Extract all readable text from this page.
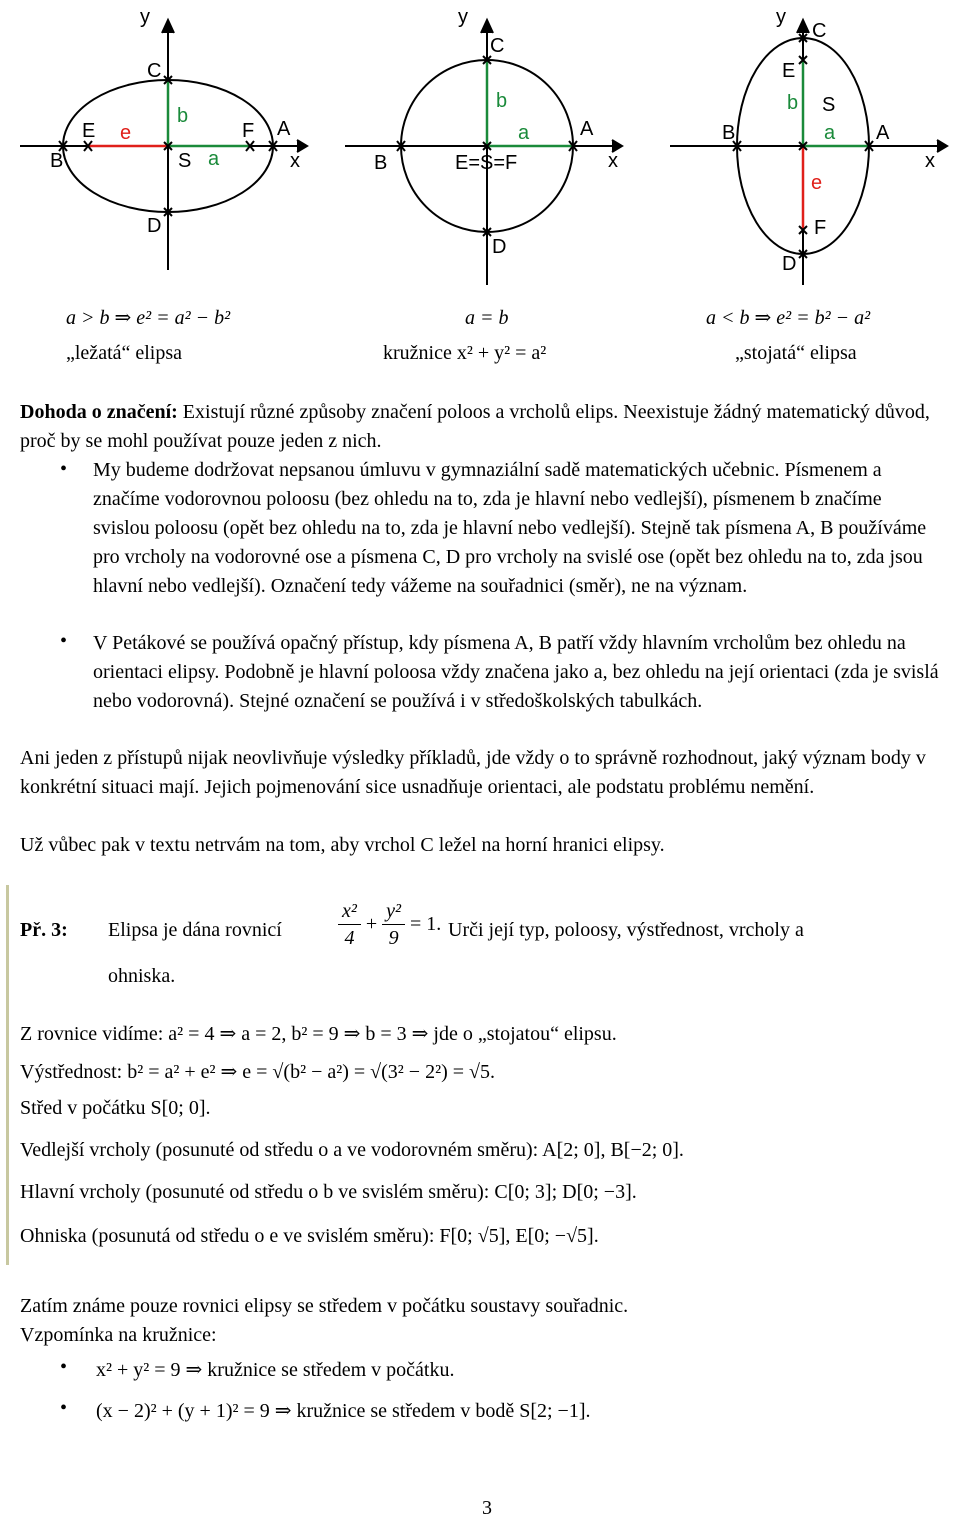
y
C
E e
b
F A
B	S a	x
D
y
C
b
a	A
B	E=S=F	x
D
y
C
E
b S
B	a A
x
e
F
D
a > b ⇒ e² = a² − b²
„ležatá“ elipsa
a = b
kružnice x² + y² = a²
a < b ⇒ e² = b² − a²
„stojatá“ elipsa
Dohoda o značení: Existují různé způsoby značení poloos a vrcholů elips. Neexistuje žádný matematický důvod, proč by se mohl používat pouze jeden z nich.
• My budeme dodržovat nepsanou úmluvu v gymnaziální sadě matematických učebnic. Písmenem a značíme vodorovnou poloosu (bez ohledu na to, zda je hlavní nebo vedlejší), písmenem b značíme svislou poloosu (opět bez ohledu na to, zda je hlavní nebo vedlejší). Stejně tak písmena A, B používáme pro vrcholy na vodorovné ose a písmena C, D pro vrcholy na svislé ose (opět bez ohledu na to, zda jsou hlavní nebo vedlejší). Označení tedy vážeme na souřadnici (směr), ne na význam.
• V Petákové se používá opačný přístup, kdy písmena A, B patří vždy hlavním vrcholům bez ohledu na orientaci elipsy. Podobně je hlavní poloosa vždy značena jako a, bez ohledu na její orientaci (zda je svislá nebo vodorovná). Stejné označení se používá i v středoškolských tabulkách.
Ani jeden z přístupů nijak neovlivňuje výsledky příkladů, jde vždy o to správně rozhodnout, jaký význam body v konkrétní situaci mají. Jejich pojmenování sice usnadňuje orientaci, ale podstatu problému nemění.
Už vůbec pak v textu netrvám na tom, aby vrchol C ležel na horní hranici elipsy.
Př. 3: Elipsa je dána rovnicí	$\frac{\text{x²}}{4} + \frac{\text{y²}}{9} = 1$. Urči její typ, poloosy, výstřednost, vrcholy a
ohniska.
Z rovnice vidíme: a² = 4 ⇒ a = 2, b² = 9 ⇒ b = 3 ⇒ jde o „stojatou“ elipsu.
Výstřednost: b² = a² + e² ⇒ e = √(b² − a²) = √(3² − 2²) = √5.
Střed v počátku S[0; 0].
Vedlejší vrcholy (posunuté od středu o a ve vodorovném směru): A[2; 0], B[−2; 0].
Hlavní vrcholy (posunuté od středu o b ve svislém směru): C[0; 3]; D[0; −3].
Ohniska (posunutá od středu o e ve svislém směru): F[0; √5], E[0; −√5].
Zatím známe pouze rovnici elipsy se středem v počátku soustavy souřadnic.
Vzpomínka na kružnice:
• x² + y² = 9 ⇒ kružnice se středem v počátku.
• (x − 2)² + (y + 1)² = 9 ⇒ kružnice se středem v bodě S[2; −1].
3
